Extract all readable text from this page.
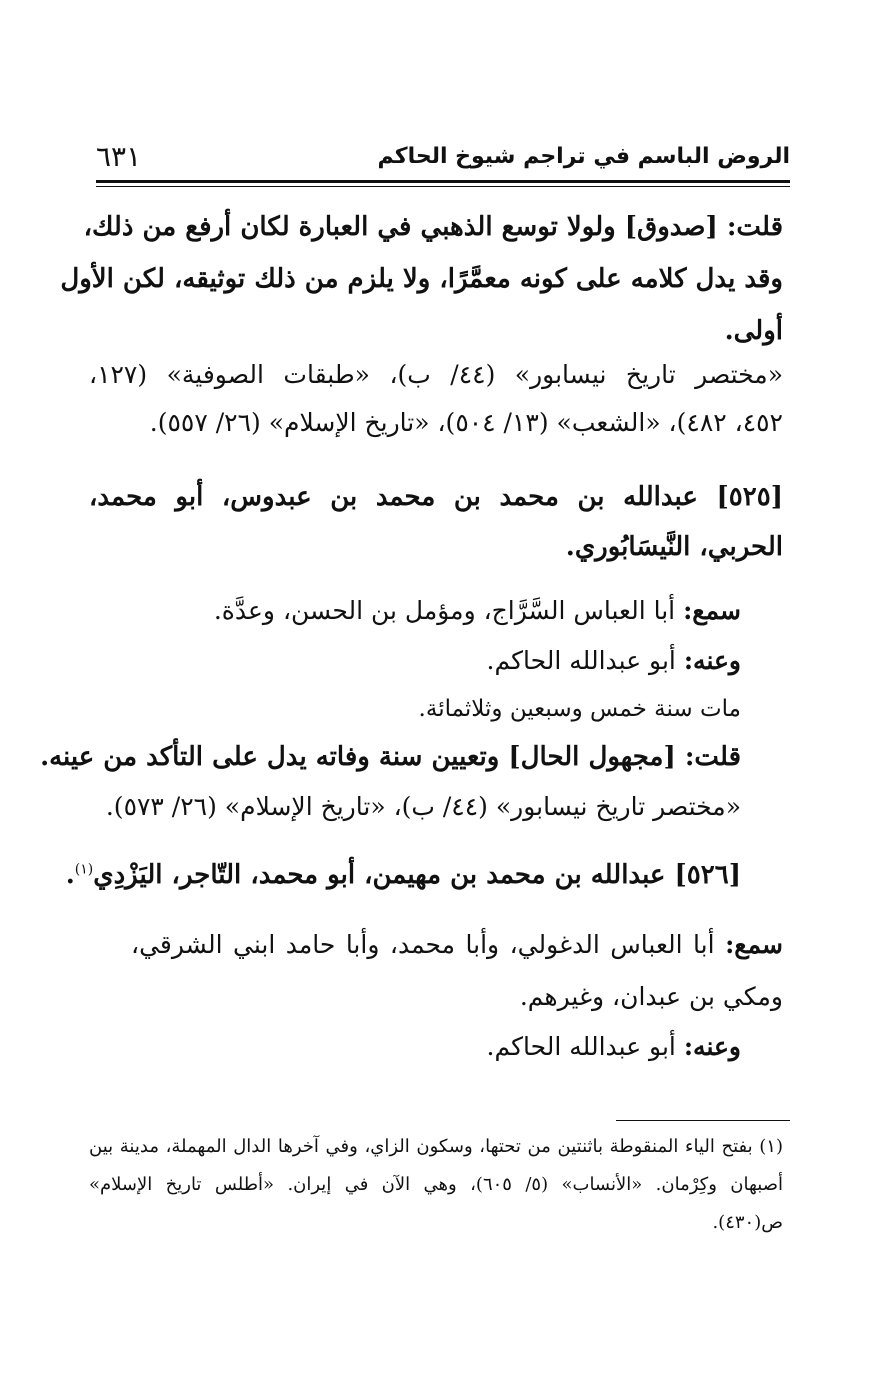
الروض الباسم في تراجم شيوخ الحاكم
٦٣١
قلت: [صدوق] ولولا توسع الذهبي في العبارة لكان أرفع من ذلك،
وقد يدل كلامه على كونه معمَّرًا، ولا يلزم من ذلك توثيقه، لكن الأول
أولى.
«مختصر تاريخ نيسابور» (٤٤/ ب)، «طبقات الصوفية» (١٢٧،
٤٥٢، ٤٨٢)، «الشعب» (١٣/ ٥٠٤)، «تاريخ الإسلام» (٢٦/ ٥٥٧).
[٥٢٥] عبدالله بن محمد بن محمد بن عبدوس، أبو محمد،
الحربي، النَّيسَابُوري.
سمع: أبا العباس السَّرَّاج، ومؤمل بن الحسن، وعدَّة.
وعنه: أبو عبدالله الحاكم.
مات سنة خمس وسبعين وثلاثمائة.
قلت: [مجهول الحال] وتعيين سنة وفاته يدل على التأكد من عينه.
«مختصر تاريخ نيسابور» (٤٤/ ب)، «تاريخ الإسلام» (٢٦/ ٥٧٣).
[٥٢٦] عبدالله بن محمد بن مهيمن، أبو محمد، التّاجر، اليَزْدِي$^{(١)}$.
سمع: أبا العباس الدغولي، وأبا محمد، وأبا حامد ابني الشرقي،
ومكي بن عبدان، وغيرهم.
وعنه: أبو عبدالله الحاكم.
(١) بفتح الياء المنقوطة باثنتين من تحتها، وسكون الزاي، وفي آخرها الدال المهملة، مدينة بين
أصبهان وكِرْمان. «الأنساب» (٥/ ٦٠٥)، وهي الآن في إيران. «أطلس تاريخ الإسلام»
ص(٤٣٠).
